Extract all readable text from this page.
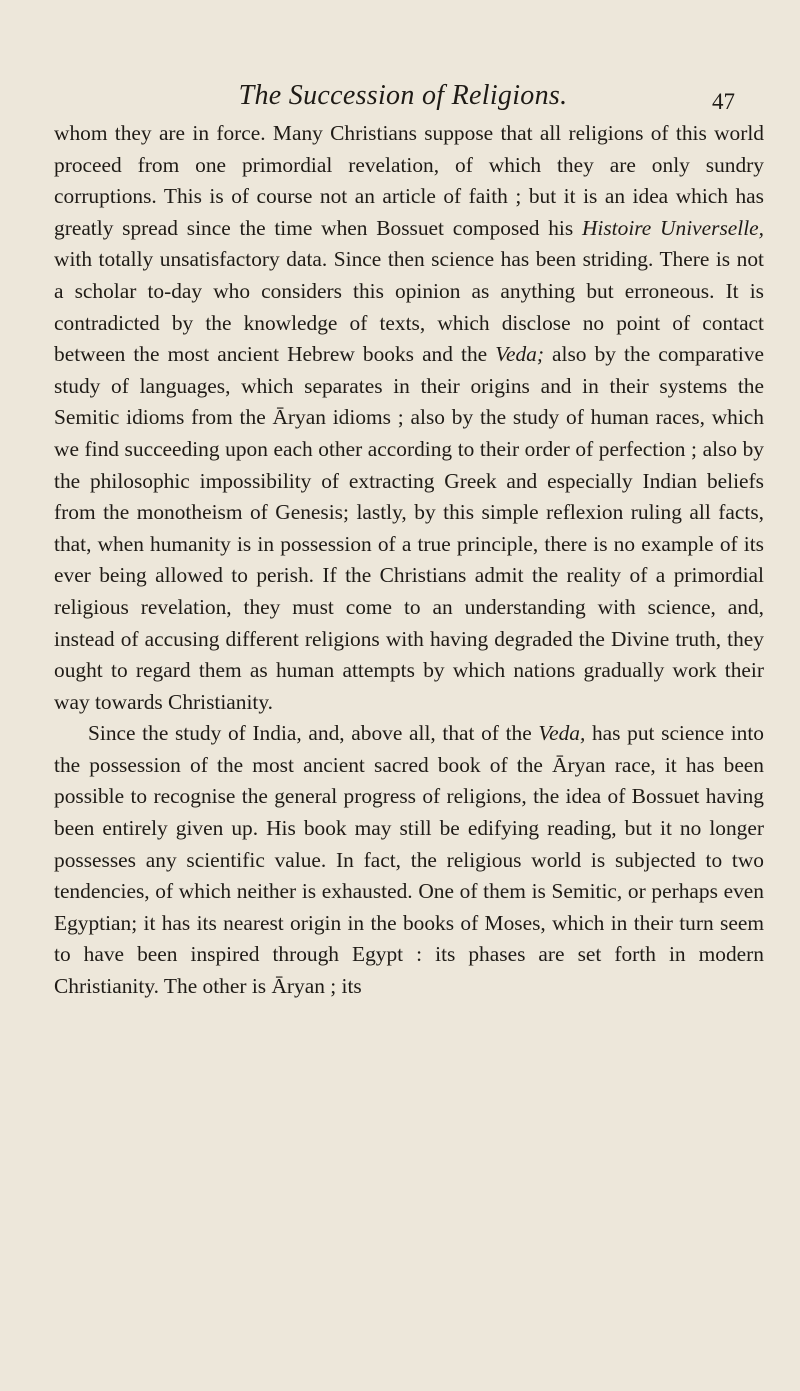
The Succession of Religions.	47

whom they are in force. Many Christians suppose that all religions of this world proceed from one primordial revelation, of which they are only sundry corruptions. This is of course not an article of faith ; but it is an idea which has greatly spread since the time when Bossuet composed his Histoire Universelle, with totally unsatisfactory data. Since then science has been striding. There is not a scholar to-day who considers this opinion as anything but erroneous. It is contradicted by the knowledge of texts, which disclose no point of contact between the most ancient Hebrew books and the Veda; also by the comparative study of languages, which separates in their origins and in their systems the Semitic idioms from the Āryan idioms ; also by the study of human races, which we find succeeding upon each other according to their order of perfection ; also by the philosophic impossibility of extracting Greek and especially Indian beliefs from the monotheism of Genesis; lastly, by this simple reflexion ruling all facts, that, when humanity is in possession of a true principle, there is no example of its ever being allowed to perish. If the Christians admit the reality of a primordial religious revelation, they must come to an understanding with science, and, instead of accusing different religions with having degraded the Divine truth, they ought to regard them as human attempts by which nations gradually work their way towards Christianity.

Since the study of India, and, above all, that of the Veda, has put science into the possession of the most ancient sacred book of the Āryan race, it has been possible to recognise the general progress of religions, the idea of Bossuet having been entirely given up. His book may still be edifying reading, but it no longer possesses any scientific value. In fact, the religious world is subjected to two tendencies, of which neither is exhausted. One of them is Semitic, or perhaps even Egyptian; it has its nearest origin in the books of Moses, which in their turn seem to have been inspired through Egypt : its phases are set forth in modern Christianity. The other is Āryan ; its
